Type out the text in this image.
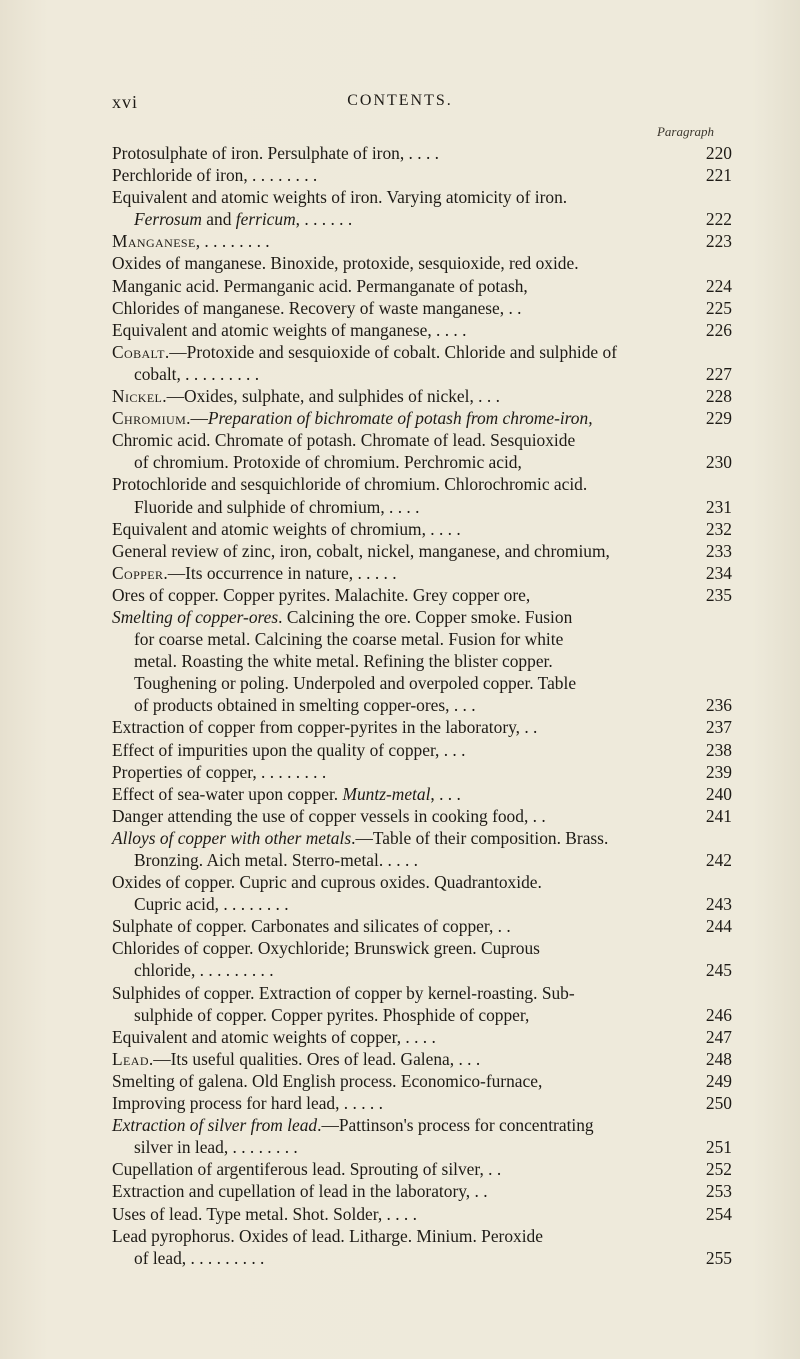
xvi	CONTENTS.
Paragraph
Protosulphate of iron. Persulphate of iron, . . . .	220
Perchloride of iron, . . . . . . . .	221
Equivalent and atomic weights of iron. Varying atomicity of iron.
Ferrosum and ferricum, . . . . . .	222
Manganese, . . . . . . . .	223
Oxides of manganese. Binoxide, protoxide, sesquioxide, red oxide.
Manganic acid. Permanganic acid. Permanganate of potash,	224
Chlorides of manganese. Recovery of waste manganese, . .	225
Equivalent and atomic weights of manganese, . . . .	226
Cobalt.—Protoxide and sesquioxide of cobalt. Chloride and sulphide of
cobalt, . . . . . . . . .	227
Nickel.—Oxides, sulphate, and sulphides of nickel, . . .	228
Chromium.—Preparation of bichromate of potash from chrome-iron,	229
Chromic acid. Chromate of potash. Chromate of lead. Sesquioxide
of chromium. Protoxide of chromium. Perchromic acid,	230
Protochloride and sesquichloride of chromium. Chlorochromic acid.
Fluoride and sulphide of chromium, . . . .	231
Equivalent and atomic weights of chromium, . . . .	232
General review of zinc, iron, cobalt, nickel, manganese, and chromium,	233
Copper.—Its occurrence in nature, . . . . .	234
Ores of copper. Copper pyrites. Malachite. Grey copper ore,	235
Smelting of copper-ores. Calcining the ore. Copper smoke. Fusion
for coarse metal. Calcining the coarse metal. Fusion for white
metal. Roasting the white metal. Refining the blister copper.
Toughening or poling. Underpoled and overpoled copper. Table
of products obtained in smelting copper-ores, . . .	236
Extraction of copper from copper-pyrites in the laboratory, . .	237
Effect of impurities upon the quality of copper, . . .	238
Properties of copper, . . . . . . . .	239
Effect of sea-water upon copper. Muntz-metal, . . .	240
Danger attending the use of copper vessels in cooking food, . .	241
Alloys of copper with other metals.—Table of their composition. Brass.
Bronzing. Aich metal. Sterro-metal. . . . .	242
Oxides of copper. Cupric and cuprous oxides. Quadrantoxide.
Cupric acid, . . . . . . . .	243
Sulphate of copper. Carbonates and silicates of copper, . .	244
Chlorides of copper. Oxychloride; Brunswick green. Cuprous
chloride, . . . . . . . . .	245
Sulphides of copper. Extraction of copper by kernel-roasting. Sub-
sulphide of copper. Copper pyrites. Phosphide of copper,	246
Equivalent and atomic weights of copper, . . . .	247
Lead.—Its useful qualities. Ores of lead. Galena, . . .	248
Smelting of galena. Old English process. Economico-furnace,	249
Improving process for hard lead, . . . . .	250
Extraction of silver from lead.—Pattinson's process for concentrating
silver in lead, . . . . . . . .	251
Cupellation of argentiferous lead. Sprouting of silver, . .	252
Extraction and cupellation of lead in the laboratory, . .	253
Uses of lead. Type metal. Shot. Solder, . . . .	254
Lead pyrophorus. Oxides of lead. Litharge. Minium. Peroxide
of lead, . . . . . . . . .	255
